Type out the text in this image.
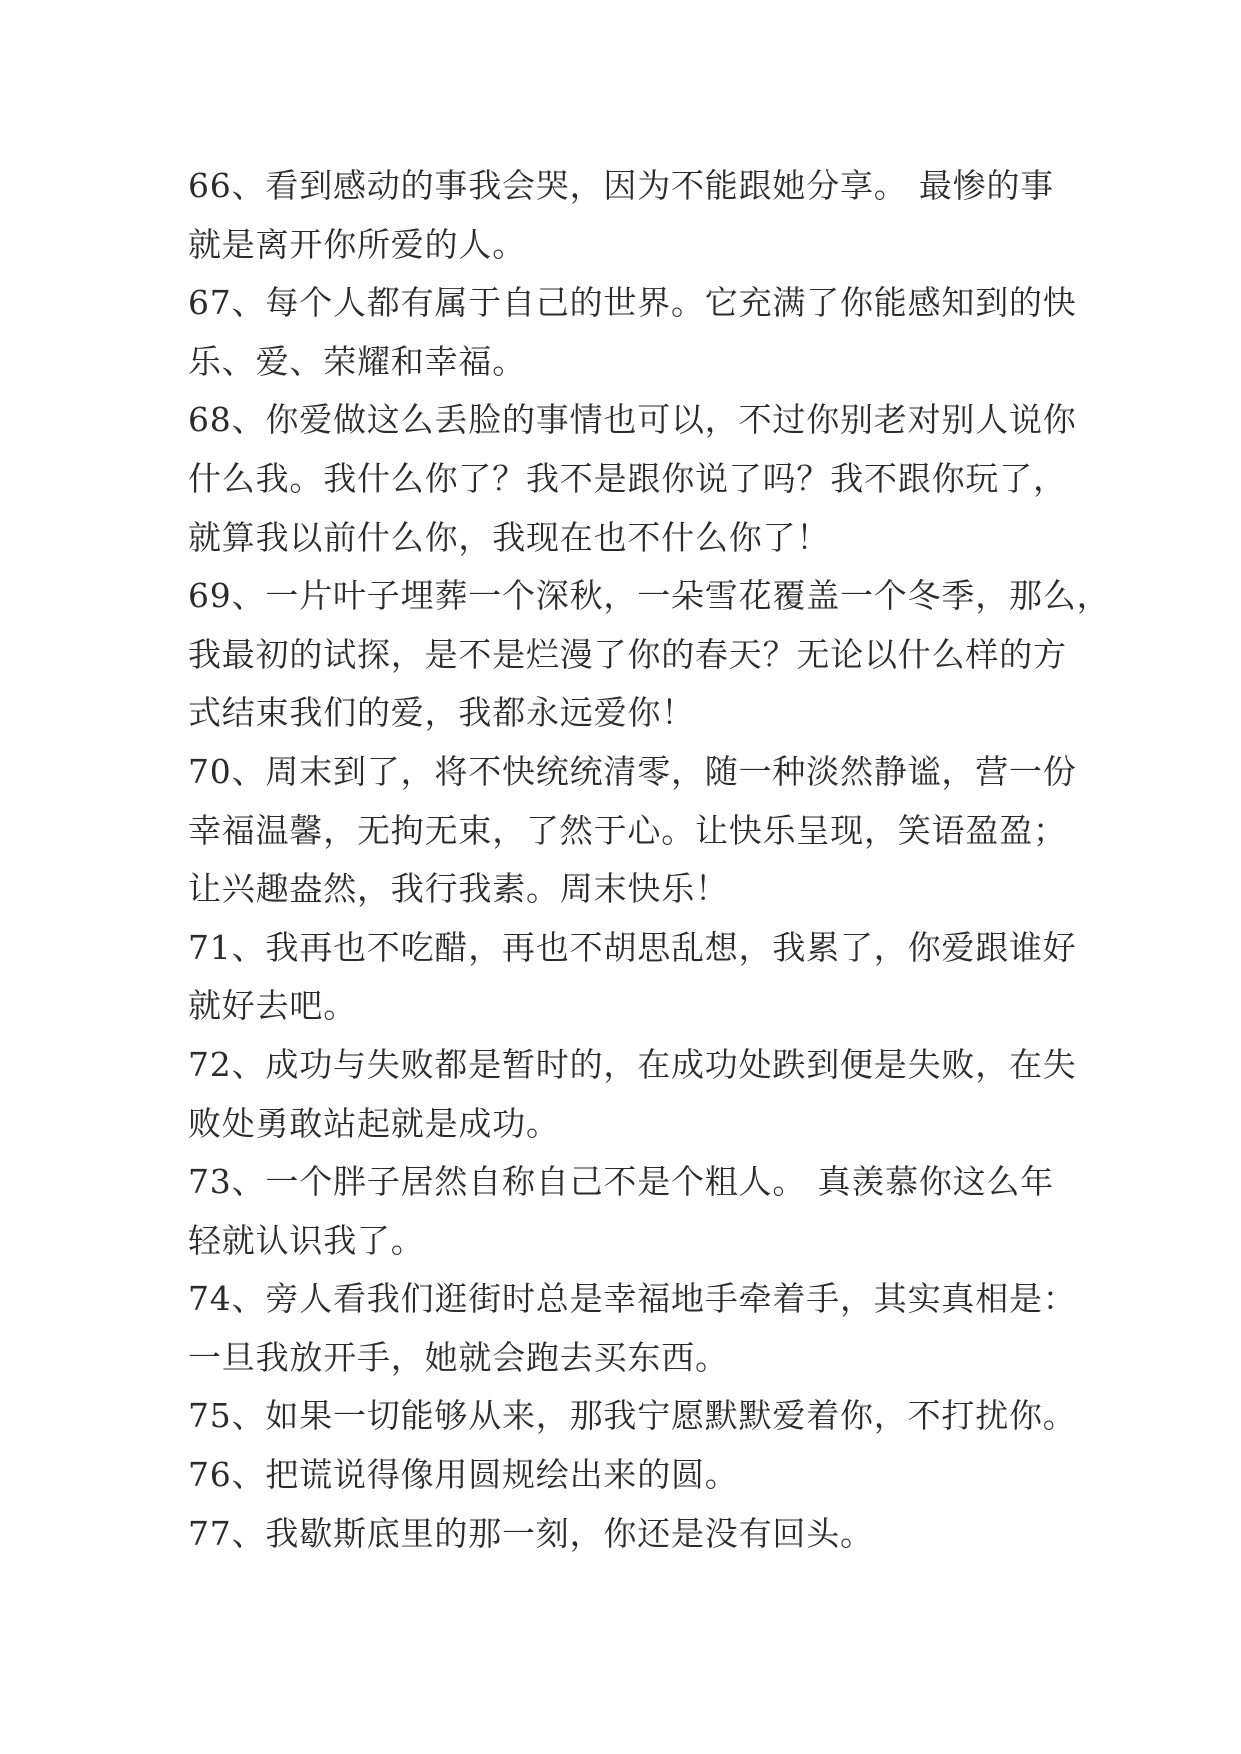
66、看到感动的事我会哭，因为不能跟她分享。 最惨的事
就是离开你所爱的人。
67、每个人都有属于自己的世界。它充满了你能感知到的快
乐、爱、荣耀和幸福。
68、你爱做这么丢脸的事情也可以，不过你别老对别人说你
什么我。我什么你了？我不是跟你说了吗？我不跟你玩了，
就算我以前什么你，我现在也不什么你了！
69、一片叶子埋葬一个深秋，一朵雪花覆盖一个冬季，那么，
我最初的试探，是不是烂漫了你的春天？无论以什么样的方
式结束我们的爱，我都永远爱你！
70、周末到了，将不快统统清零，随一种淡然静谧，营一份
幸福温馨，无拘无束，了然于心。让快乐呈现，笑语盈盈；
让兴趣盎然，我行我素。周末快乐！
71、我再也不吃醋，再也不胡思乱想，我累了，你爱跟谁好
就好去吧。
72、成功与失败都是暂时的，在成功处跌到便是失败，在失
败处勇敢站起就是成功。
73、一个胖子居然自称自己不是个粗人。 真羡慕你这么年
轻就认识我了。
74、旁人看我们逛街时总是幸福地手牵着手，其实真相是：
一旦我放开手，她就会跑去买东西。
75、如果一切能够从来，那我宁愿默默爱着你，不打扰你。
76、把谎说得像用圆规绘出来的圆。
77、我歇斯底里的那一刻，你还是没有回头。
